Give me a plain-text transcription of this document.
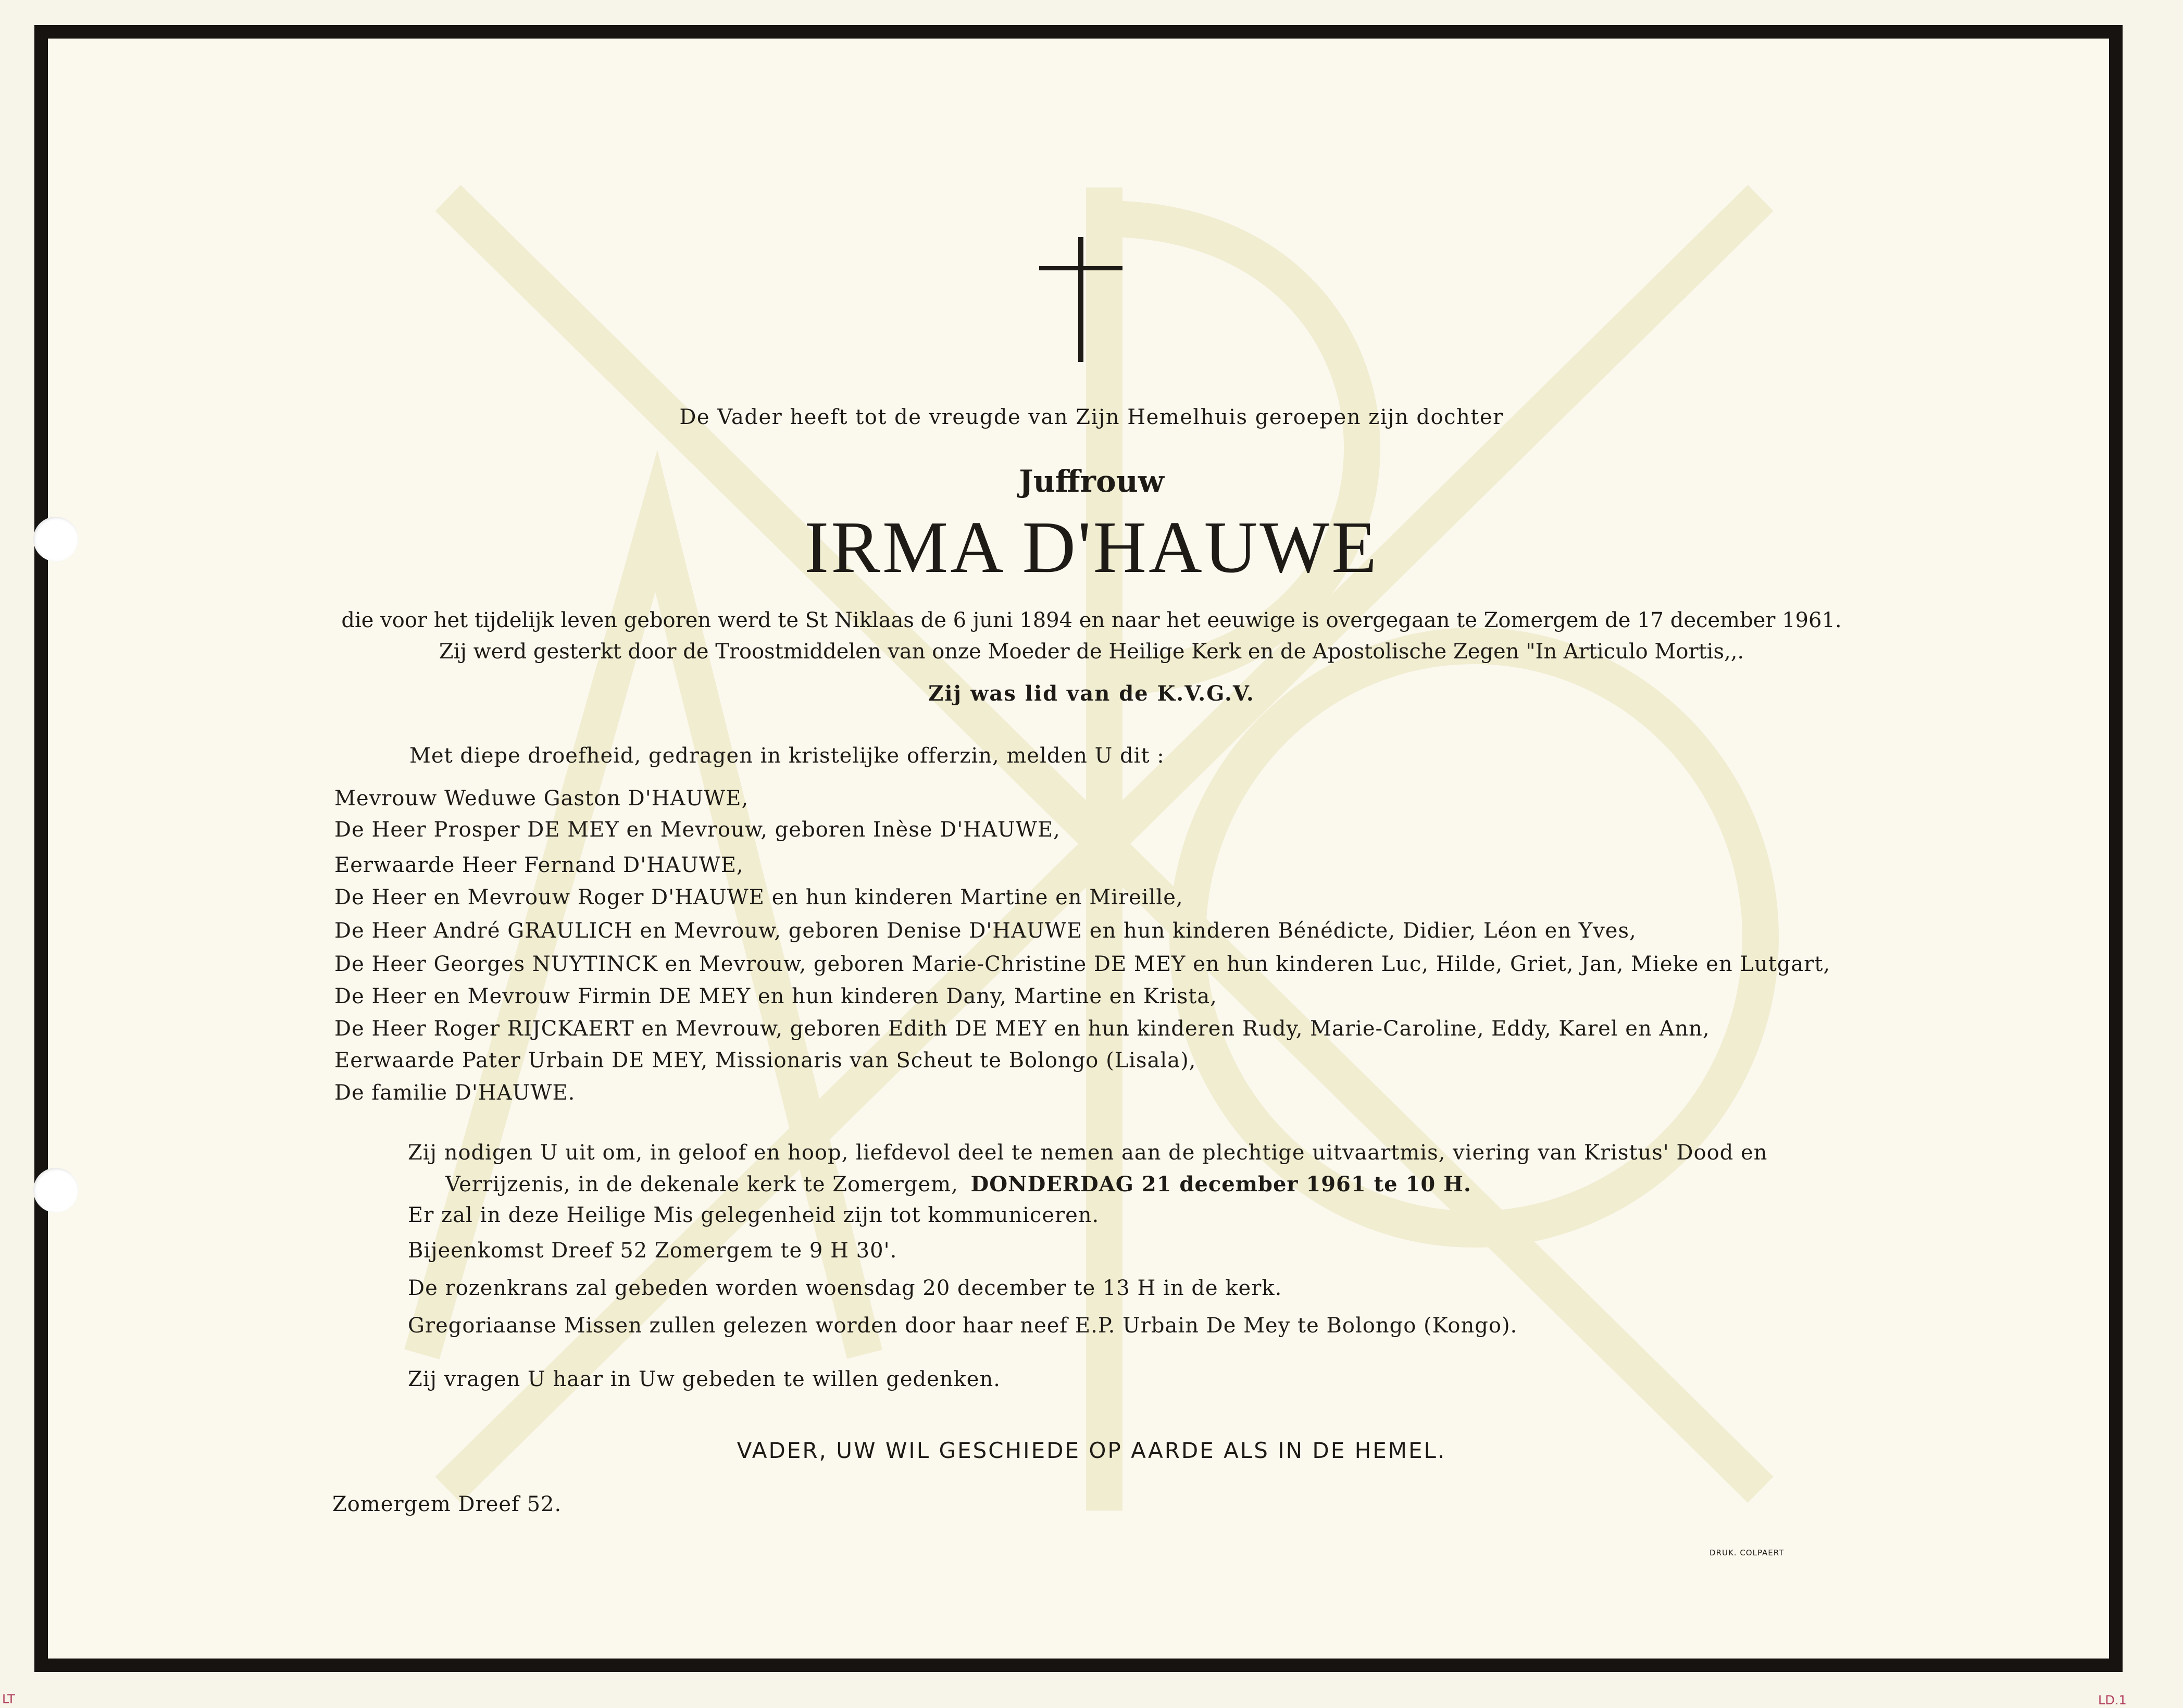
De Vader heeft tot de vreugde van Zijn Hemelhuis geroepen zijn dochter
Juffrouw
IRMA D'HAUWE
die voor het tijdelijk leven geboren werd te St Niklaas de 6 juni 1894 en naar het eeuwige is overgegaan te Zomergem de 17 december 1961.
Zij werd gesterkt door de Troostmiddelen van onze Moeder de Heilige Kerk en de Apostolische Zegen "In Articulo Mortis,,.
Zij was lid van de K.V.G.V.
Met diepe droefheid, gedragen in kristelijke offerzin, melden U dit :
Mevrouw Weduwe Gaston D'HAUWE,
De Heer Prosper DE MEY en Mevrouw, geboren Inèse D'HAUWE,
Eerwaarde Heer Fernand D'HAUWE,
De Heer en Mevrouw Roger D'HAUWE en hun kinderen Martine en Mireille,
De Heer André GRAULICH en Mevrouw, geboren Denise D'HAUWE en hun kinderen Bénédicte, Didier, Léon en Yves,
De Heer Georges NUYTINCK en Mevrouw, geboren Marie-Christine DE MEY en hun kinderen Luc, Hilde, Griet, Jan, Mieke en Lutgart,
De Heer en Mevrouw Firmin DE MEY en hun kinderen Dany, Martine en Krista,
De Heer Roger RIJCKAERT en Mevrouw, geboren Edith DE MEY en hun kinderen Rudy, Marie-Caroline, Eddy, Karel en Ann,
Eerwaarde Pater Urbain DE MEY, Missionaris van Scheut te Bolongo (Lisala),
De familie D'HAUWE.
Zij nodigen U uit om, in geloof en hoop, liefdevol deel te nemen aan de plechtige uitvaartmis, viering van Kristus' Dood en
Verrijzenis, in de dekenale kerk te Zomergem, DONDERDAG 21 december 1961 te 10 H.
Er zal in deze Heilige Mis gelegenheid zijn tot kommuniceren.
Bijeenkomst Dreef 52 Zomergem te 9 H 30'.
De rozenkrans zal gebeden worden woensdag 20 december te 13 H in de kerk.
Gregoriaanse Missen zullen gelezen worden door haar neef E.P. Urbain De Mey te Bolongo (Kongo).
Zij vragen U haar in Uw gebeden te willen gedenken.
VADER, UW WIL GESCHIEDE OP AARDE ALS IN DE HEMEL.
Zomergem Dreef 52.
DRUK. COLPAERT
LT	LD.1
